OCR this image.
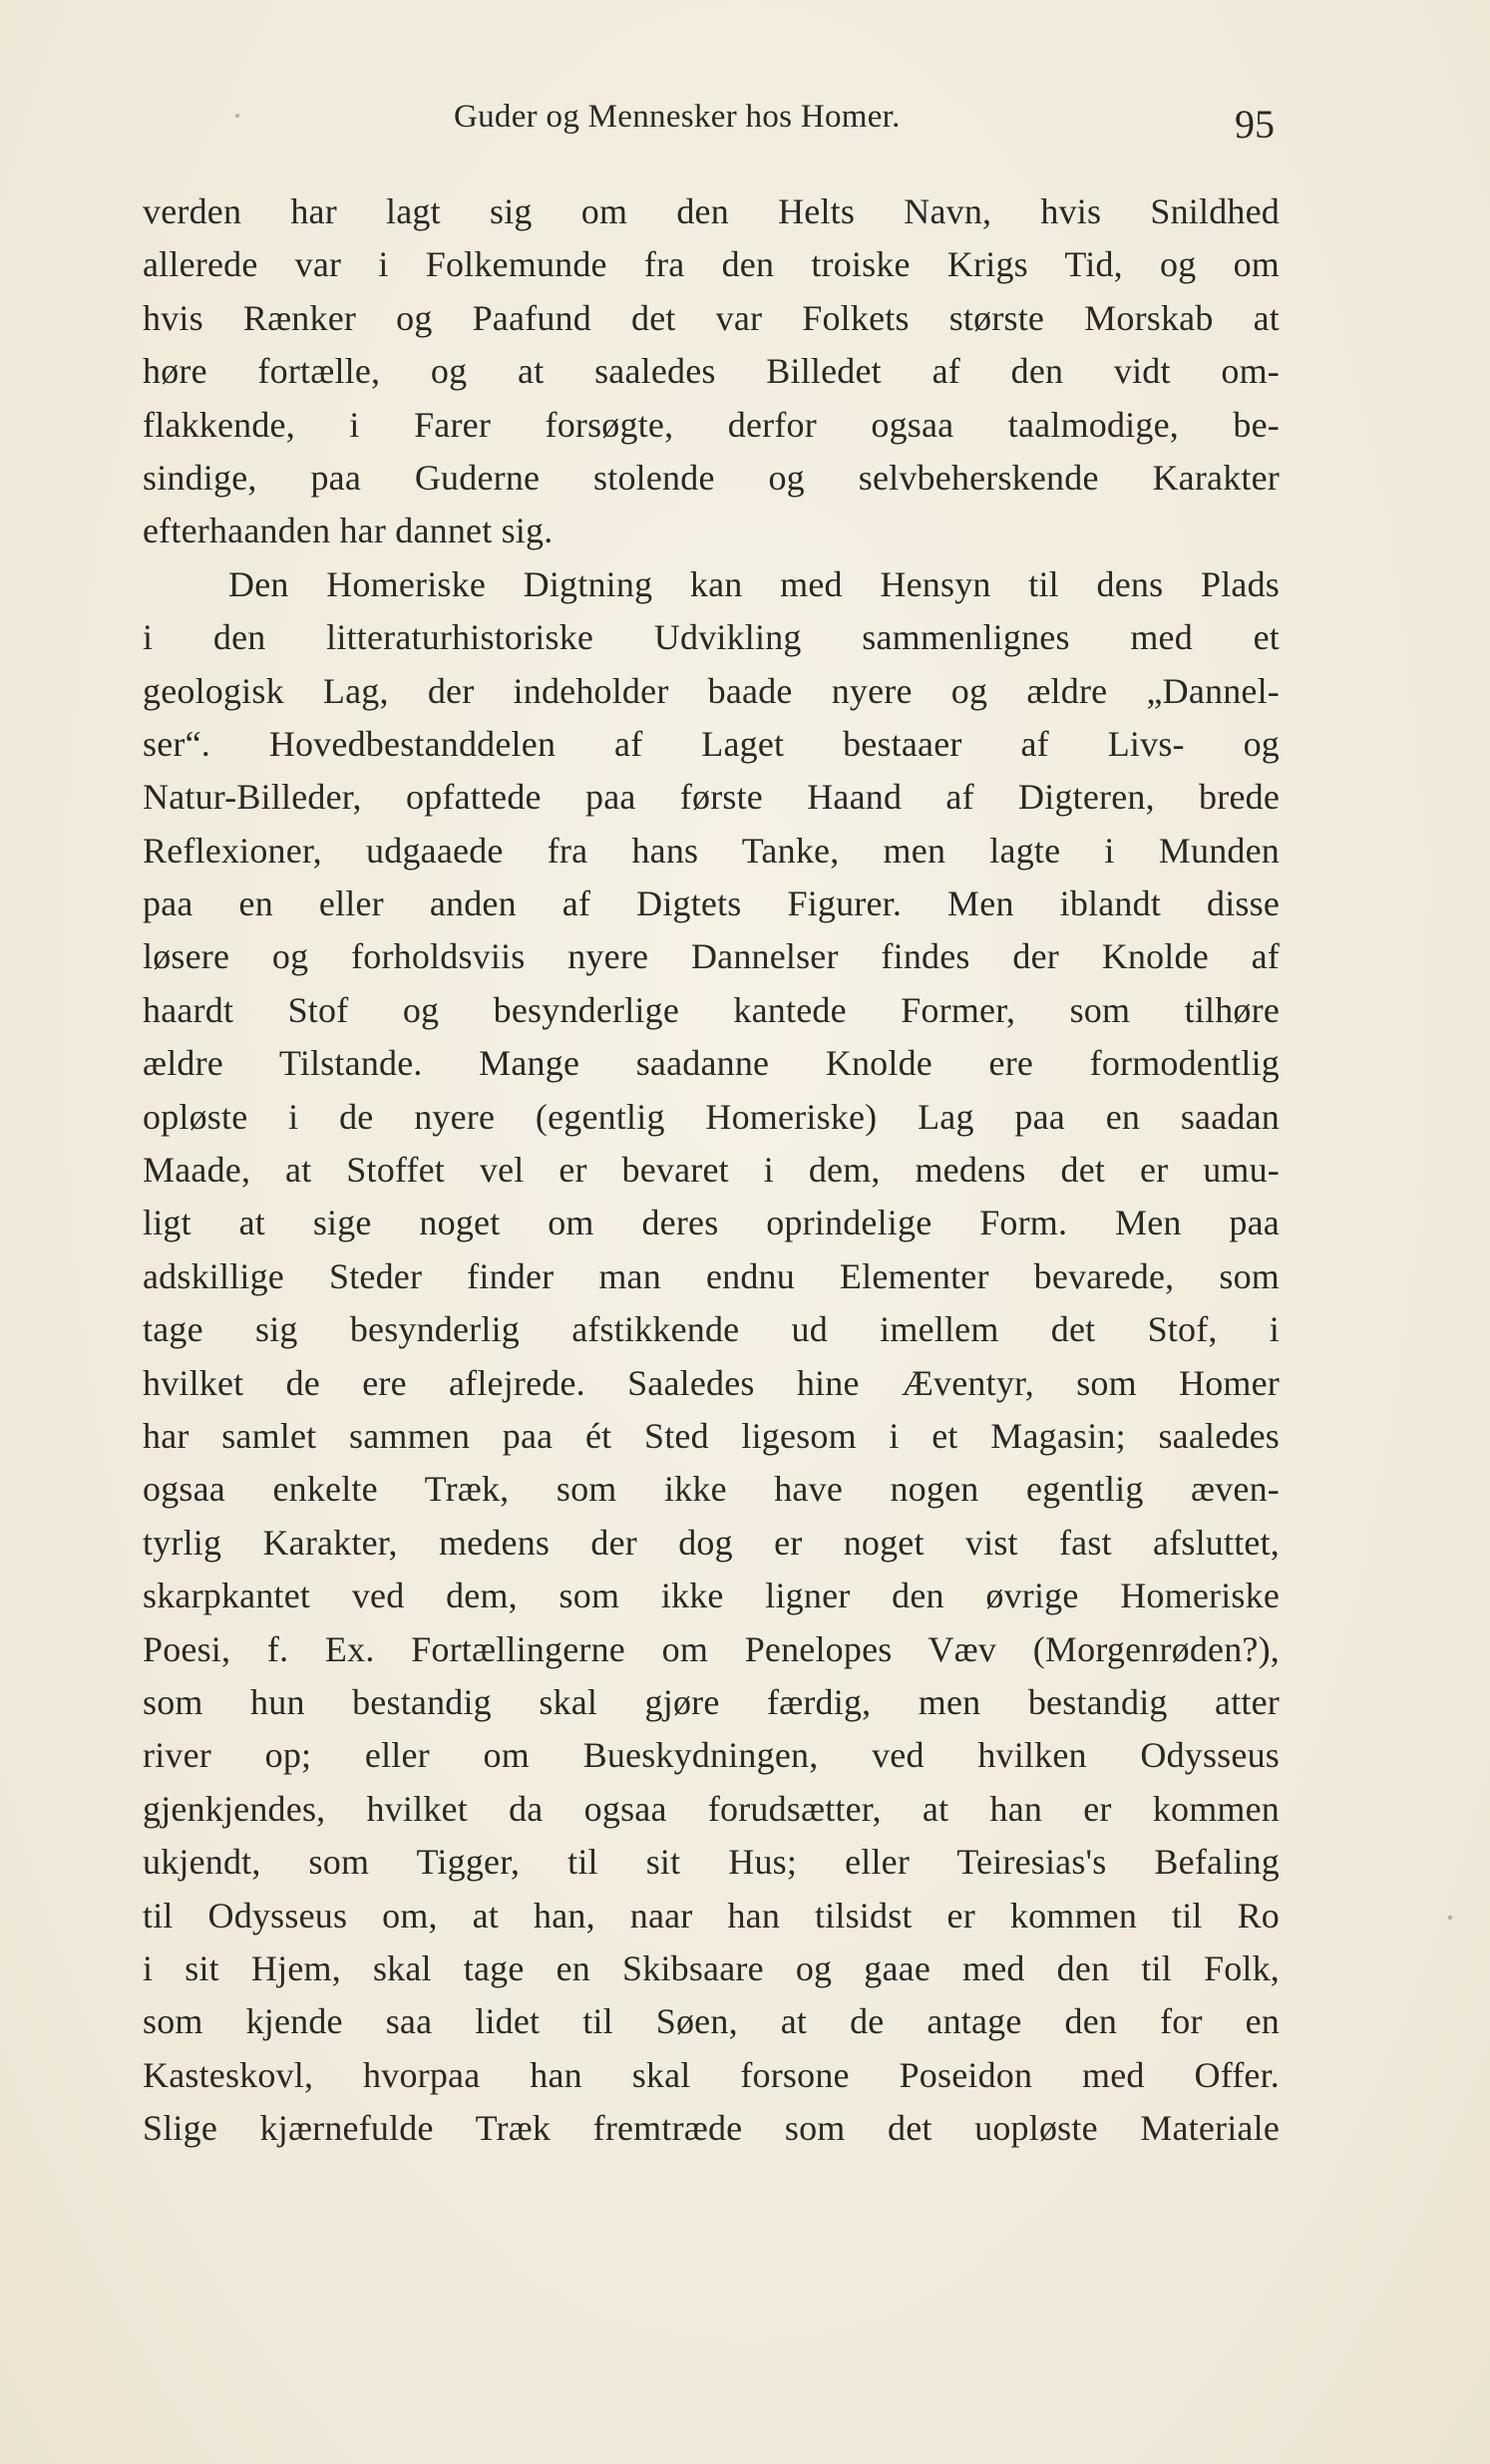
Guder og Mennesker hos Homer.	95
verden har lagt sig om den Helts Navn, hvis Snildhed
allerede var i Folkemunde fra den troiske Krigs Tid, og om
hvis Rænker og Paafund det var Folkets største Morskab at
høre fortælle, og at saaledes Billedet af den vidt om-
flakkende, i Farer forsøgte, derfor ogsaa taalmodige, be-
sindige, paa Guderne stolende og selvbeherskende Karakter
efterhaanden har dannet sig.
Den Homeriske Digtning kan med Hensyn til dens Plads
i den litteraturhistoriske Udvikling sammenlignes med et
geologisk Lag, der indeholder baade nyere og ældre „Dannel-
ser“. Hovedbestanddelen af Laget bestaaer af Livs- og
Natur-Billeder, opfattede paa første Haand af Digteren, brede
Reflexioner, udgaaede fra hans Tanke, men lagte i Munden
paa en eller anden af Digtets Figurer. Men iblandt disse
løsere og forholdsviis nyere Dannelser findes der Knolde af
haardt Stof og besynderlige kantede Former, som tilhøre
ældre Tilstande. Mange saadanne Knolde ere formodentlig
opløste i de nyere (egentlig Homeriske) Lag paa en saadan
Maade, at Stoffet vel er bevaret i dem, medens det er umu-
ligt at sige noget om deres oprindelige Form. Men paa
adskillige Steder finder man endnu Elementer bevarede, som
tage sig besynderlig afstikkende ud imellem det Stof, i
hvilket de ere aflejrede. Saaledes hine Æventyr, som Homer
har samlet sammen paa ét Sted ligesom i et Magasin; saaledes
ogsaa enkelte Træk, som ikke have nogen egentlig æven-
tyrlig Karakter, medens der dog er noget vist fast afsluttet,
skarpkantet ved dem, som ikke ligner den øvrige Homeriske
Poesi, f. Ex. Fortællingerne om Penelopes Væv (Morgenrøden?),
som hun bestandig skal gjøre færdig, men bestandig atter
river op; eller om Bueskydningen, ved hvilken Odysseus
gjenkjendes, hvilket da ogsaa forudsætter, at han er kommen
ukjendt, som Tigger, til sit Hus; eller Teiresias's Befaling
til Odysseus om, at han, naar han tilsidst er kommen til Ro
i sit Hjem, skal tage en Skibsaare og gaae med den til Folk,
som kjende saa lidet til Søen, at de antage den for en
Kasteskovl, hvorpaa han skal forsone Poseidon med Offer.
Slige kjærnefulde Træk fremtræde som det uopløste Materiale
